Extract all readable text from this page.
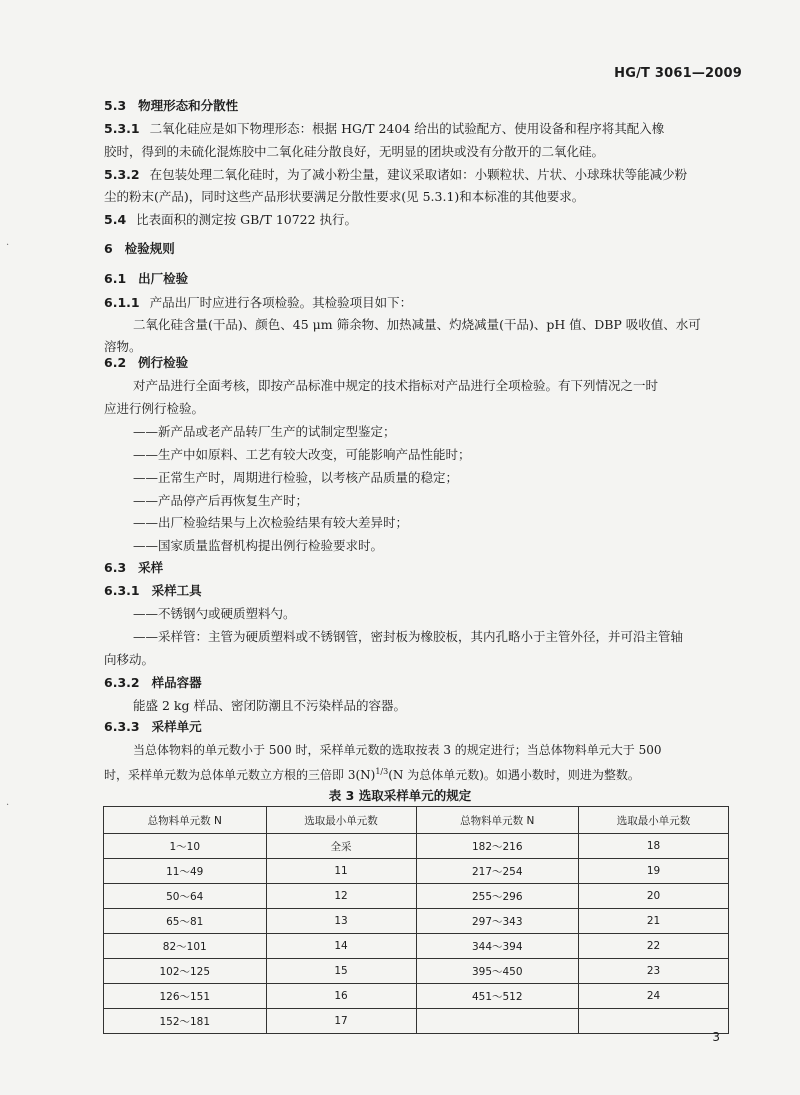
HG/T 3061—2009
5.3 物理形态和分散性
5.3.1 二氧化硅应是如下物理形态：根据 HG/T 2404 给出的试验配方、使用设备和程序将其配入橡
胶时，得到的未硫化混炼胶中二氧化硅分散良好，无明显的团块或没有分散开的二氧化硅。
5.3.2 在包装处理二氧化硅时，为了减小粉尘量，建议采取诸如：小颗粒状、片状、小球珠状等能减少粉
尘的粉末(产品)，同时这些产品形状要满足分散性要求(见 5.3.1)和本标准的其他要求。
5.4 比表面积的测定按 GB/T 10722 执行。
6 检验规则
6.1 出厂检验
6.1.1 产品出厂时应进行各项检验。其检验项目如下：
二氧化硅含量(干品)、颜色、45 μm 筛余物、加热减量、灼烧减量(干品)、pH 值、DBP 吸收值、水可
溶物。
6.2 例行检验
对产品进行全面考核，即按产品标准中规定的技术指标对产品进行全项检验。有下列情况之一时
应进行例行检验。
——新产品或老产品转厂生产的试制定型鉴定；
——生产中如原料、工艺有较大改变，可能影响产品性能时；
——正常生产时，周期进行检验，以考核产品质量的稳定；
——产品停产后再恢复生产时；
——出厂检验结果与上次检验结果有较大差异时；
——国家质量监督机构提出例行检验要求时。
6.3 采样
6.3.1 采样工具
——不锈钢勺或硬质塑料勺。
——采样管：主管为硬质塑料或不锈钢管，密封板为橡胶板，其内孔略小于主管外径，并可沿主管轴
向移动。
6.3.2 样品容器
能盛 2 kg 样品、密闭防潮且不污染样品的容器。
6.3.3 采样单元
当总体物料的单元数小于 500 时，采样单元数的选取按表 3 的规定进行；当总体物料单元大于 500
表 3 选取采样单元的规定
总物料单元数 N	选取最小单元数	总物料单元数 N	选取最小单元数
1～10	全采	182～216	18
11～49	11	217～254	19
50～64	12	255～296	20
65～81	13	297～343	21
82～101	14	344～394	22
102～125	15	395～450	23
126～151	16	451～512	24
152～181	17		
3
·
·
时，采样单元数为总体单元数立方根的三倍即 $3(N)^{1/3}(N$ 为总体单元数)。如遇小数时，则进为整数。
